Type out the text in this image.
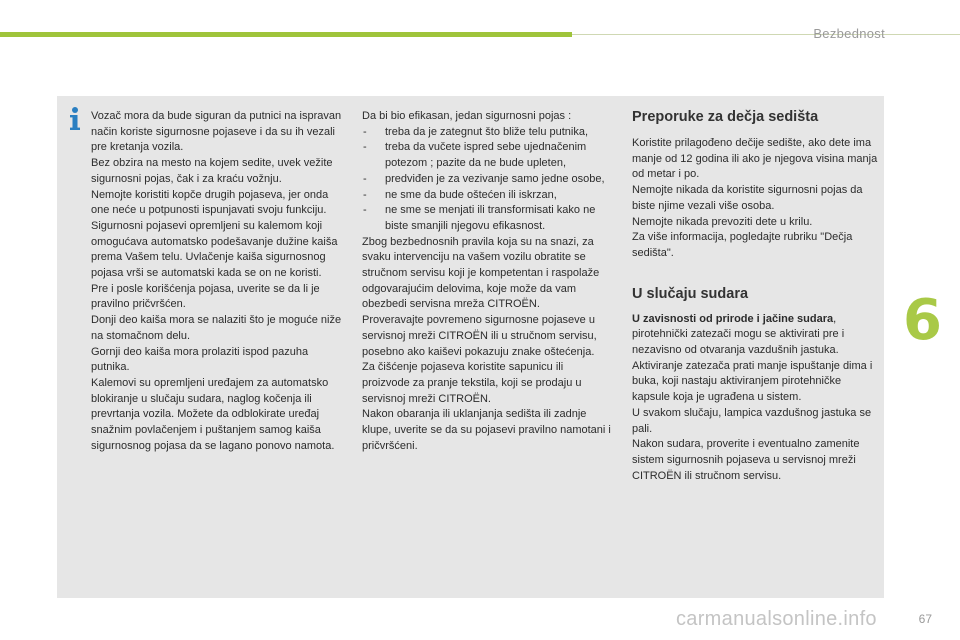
Bezbednost
6

Vozač mora da bude siguran da putnici na ispravan način koriste sigurnosne pojaseve i da su ih vezali pre kretanja vozila.

Bez obzira na mesto na kojem sedite, uvek vežite sigurnosni pojas, čak i za kraću vožnju.

Nemojte koristiti kopče drugih pojaseva, jer onda one neće u potpunosti ispunjavati svoju funkciju.

Sigurnosni pojasevi opremljeni su kalemom koji omogućava automatsko podešavanje dužine kaiša prema Vašem telu. Uvlačenje kaiša sigurnosnog pojasa vrši se automatski kada se on ne koristi.

Pre i posle korišćenja pojasa, uverite se da li je pravilno pričvršćen.

Donji deo kaiša mora se nalaziti što je moguće niže na stomačnom delu.

Gornji deo kaiša mora prolaziti ispod pazuha putnika.

Kalemovi su opremljeni uređajem za automatsko blokiranje u slučaju sudara, naglog kočenja ili prevrtanja vozila. Možete da odblokirate uređaj snažnim povlačenjem i puštanjem samog kaiša sigurnosnog pojasa da se lagano ponovo namota.

Da bi bio efikasan, jedan sigurnosni pojas :

- treba da je zategnut što bliže telu putnika,

- treba da vučete ispred sebe ujednačenim potezom ; pazite da ne bude upleten,

- predviđen je za vezivanje samo jedne osobe,

- ne sme da bude oštećen ili iskrzan,

- ne sme se menjati ili transformisati kako ne biste smanjili njegovu efikasnost.

Zbog bezbednosnih pravila koja su na snazi, za svaku intervenciju na vašem vozilu obratite se stručnom servisu koji je kompetentan i raspolaže odgovarajućim delovima, koje može da vam obezbedi servisna mreža CITROËN.

Proveravajte povremeno sigurnosne pojaseve u servisnoj mreži CITROËN ili u stručnom servisu, posebno ako kaiševi pokazuju znake oštećenja.

Za čišćenje pojaseva koristite sapunicu ili proizvode za pranje tekstila, koji se prodaju u servisnoj mreži CITROËN.

Nakon obaranja ili uklanjanja sedišta ili zadnje klupe, uverite se da su pojasevi pravilno namotani i pričvršćeni.

Preporuke za dečja sedišta

Koristite prilagođeno dečije sedište, ako dete ima manje od 12 godina ili ako je njegova visina manja od metar i po.

Nemojte nikada da koristite sigurnosni pojas da biste njime vezali više osoba.

Nemojte nikada prevoziti dete u krilu.

Za više informacija, pogledajte rubriku "Dečja sedišta".

U slučaju sudara

U zavisnosti od prirode i jačine sudara, pirotehnički zatezači mogu se aktivirati pre i nezavisno od otvaranja vazdušnih jastuka.

Aktiviranje zatezača prati manje ispuštanje dima i buka, koji nastaju aktiviranjem pirotehničke kapsule koja je ugrađena u sistem.

U svakom slučaju, lampica vazdušnog jastuka se pali.

Nakon sudara, proverite i eventualno zamenite sistem sigurnosnih pojaseva u servisnoj mreži CITROËN ili stručnom servisu.

carmanualsonline.info	67
